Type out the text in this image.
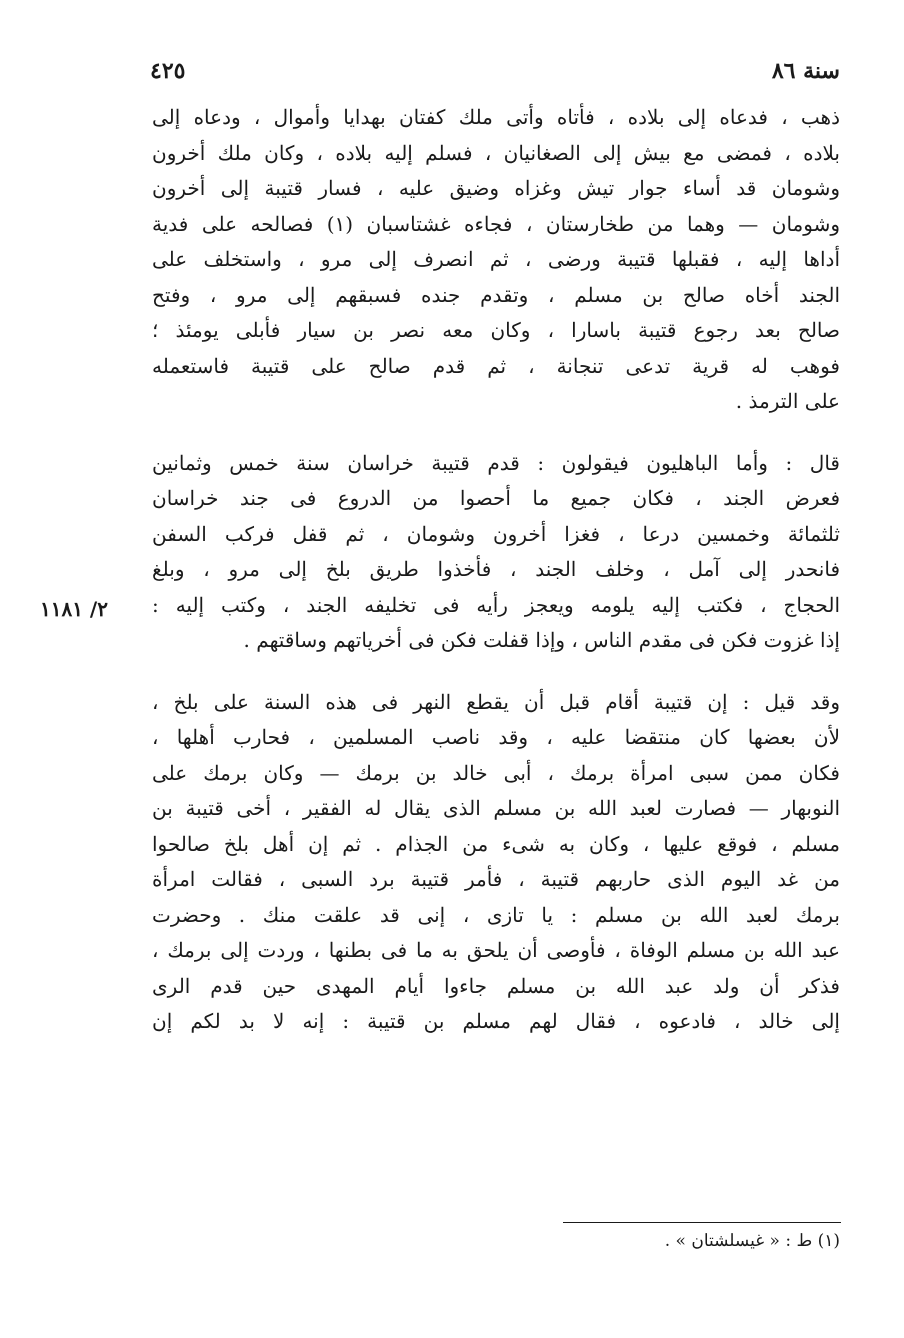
سنة ٨٦
٤٢٥
٢/ ١١٨١

ذهب ، فدعاه إلى بلاده ، فأتاه وأتى ملك كفتان بهدايا وأموال ، ودعاه إلى
بلاده ، فمضى مع بيش إلى الصغانيان ، فسلم إليه بلاده ، وكان ملك أخرون
وشومان قد أساء جوار تيش وغزاه وضيق عليه ، فسار قتيبة إلى أخرون
وشومان — وهما من طخارستان ، فجاءه غشتاسبان (١) فصالحه على فدية
أداها إليه ، فقبلها قتيبة ورضى ، ثم انصرف إلى مرو ، واستخلف على
الجند أخاه صالح بن مسلم ، وتقدم جنده فسبقهم إلى مرو ، وفتح
صالح بعد رجوع قتيبة باسارا ، وكان معه نصر بن سيار فأبلى يومئذ ؛
فوهب له قرية تدعى تنجانة ، ثم قدم صالح على قتيبة فاستعمله
على الترمذ .

قال : وأما الباهليون فيقولون : قدم قتيبة خراسان سنة خمس وثمانين
فعرض الجند ، فكان جميع ما أحصوا من الدروع فى جند خراسان
ثلثمائة وخمسين درعا ، فغزا أخرون وشومان ، ثم قفل فركب السفن
فانحدر إلى آمل ، وخلف الجند ، فأخذوا طريق بلخ إلى مرو ، وبلغ
الحجاج ، فكتب إليه يلومه ويعجز رأيه فى تخليفه الجند ، وكتب إليه :
إذا غزوت فكن فى مقدم الناس ، وإذا قفلت فكن فى أخرياتهم وساقتهم .

وقد قيل : إن قتيبة أقام قبل أن يقطع النهر فى هذه السنة على بلخ ،
لأن بعضها كان منتقضا عليه ، وقد ناصب المسلمين ، فحارب أهلها ،
فكان ممن سبى امرأة برمك ، أبى خالد بن برمك — وكان برمك على
النوبهار — فصارت لعبد الله بن مسلم الذى يقال له الفقير ، أخى قتيبة بن
مسلم ، فوقع عليها ، وكان به شىء من الجذام . ثم إن أهل بلخ صالحوا
من غد اليوم الذى حاربهم قتيبة ، فأمر قتيبة برد السبى ، فقالت امرأة
برمك لعبد الله بن مسلم : يا تازى ، إنى قد علقت منك . وحضرت
عبد الله بن مسلم الوفاة ، فأوصى أن يلحق به ما فى بطنها ، وردت إلى برمك ،
فذكر أن ولد عبد الله بن مسلم جاءوا أيام المهدى حين قدم الرى
إلى خالد ، فادعوه ، فقال لهم مسلم بن قتيبة : إنه لا بد لكم إن

(١) ط : « غيسلشتان » .
